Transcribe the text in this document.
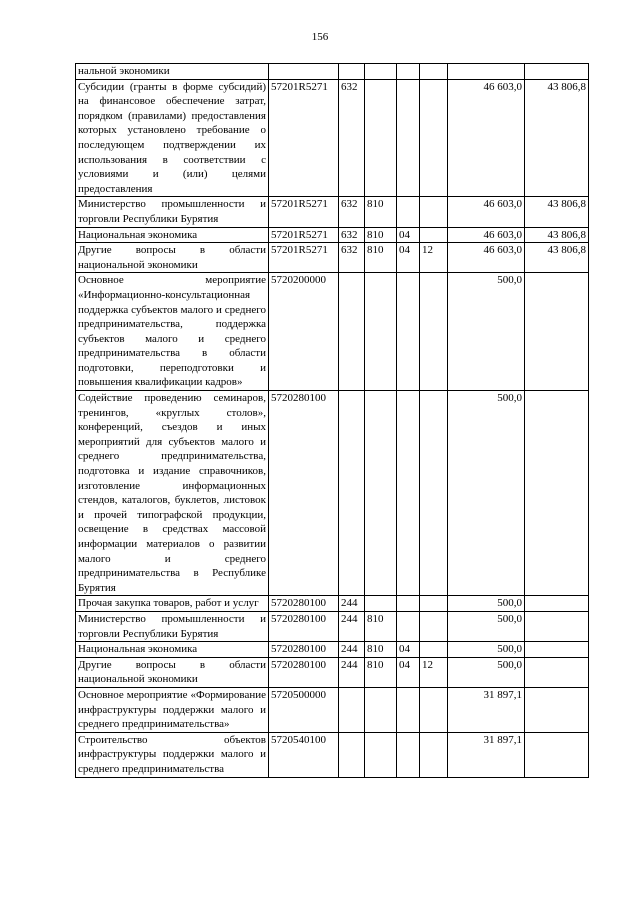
156
нальной экономики							
Субсидии (гранты в форме субсидий) на финансовое обеспечение затрат, порядком (правилами) предоставления которых установлено требование о последующем подтверждении их использования в соответствии с условиями и (или) целями предоставления	57201R5271	632				46 603,0	43 806,8
Министерство промышленности и торговли Республики Бурятия	57201R5271	632	810			46 603,0	43 806,8
Национальная экономика	57201R5271	632	810	04		46 603,0	43 806,8
Другие вопросы в области национальной экономики	57201R5271	632	810	04	12	46 603,0	43 806,8
Основное мероприятие «Информационно-консультационная поддержка субъектов малого и среднего предпринимательства, поддержка субъектов малого и среднего предпринимательства в области подготовки, переподготовки и повышения квалификации кадров»	5720200000					500,0	
Содействие проведению семинаров, тренингов, «круглых столов», конференций, съездов и иных мероприятий для субъектов малого и среднего предпринимательства, подготовка и издание справочников, изготовление информационных стендов, каталогов, буклетов, листовок и прочей типографской продукции, освещение в средствах массовой информации материалов о развитии малого и среднего предпринимательства в Республике Бурятия	5720280100					500,0	
Прочая закупка товаров, работ и услуг	5720280100	244				500,0	
Министерство промышленности и торговли Республики Бурятия	5720280100	244	810			500,0	
Национальная экономика	5720280100	244	810	04		500,0	
Другие вопросы в области национальной экономики	5720280100	244	810	04	12	500,0	
Основное мероприятие «Формирование инфраструктуры поддержки малого и среднего предпринимательства»	5720500000					31 897,1	
Строительство объектов инфраструктуры поддержки малого и среднего предпринимательства	5720540100					31 897,1	
